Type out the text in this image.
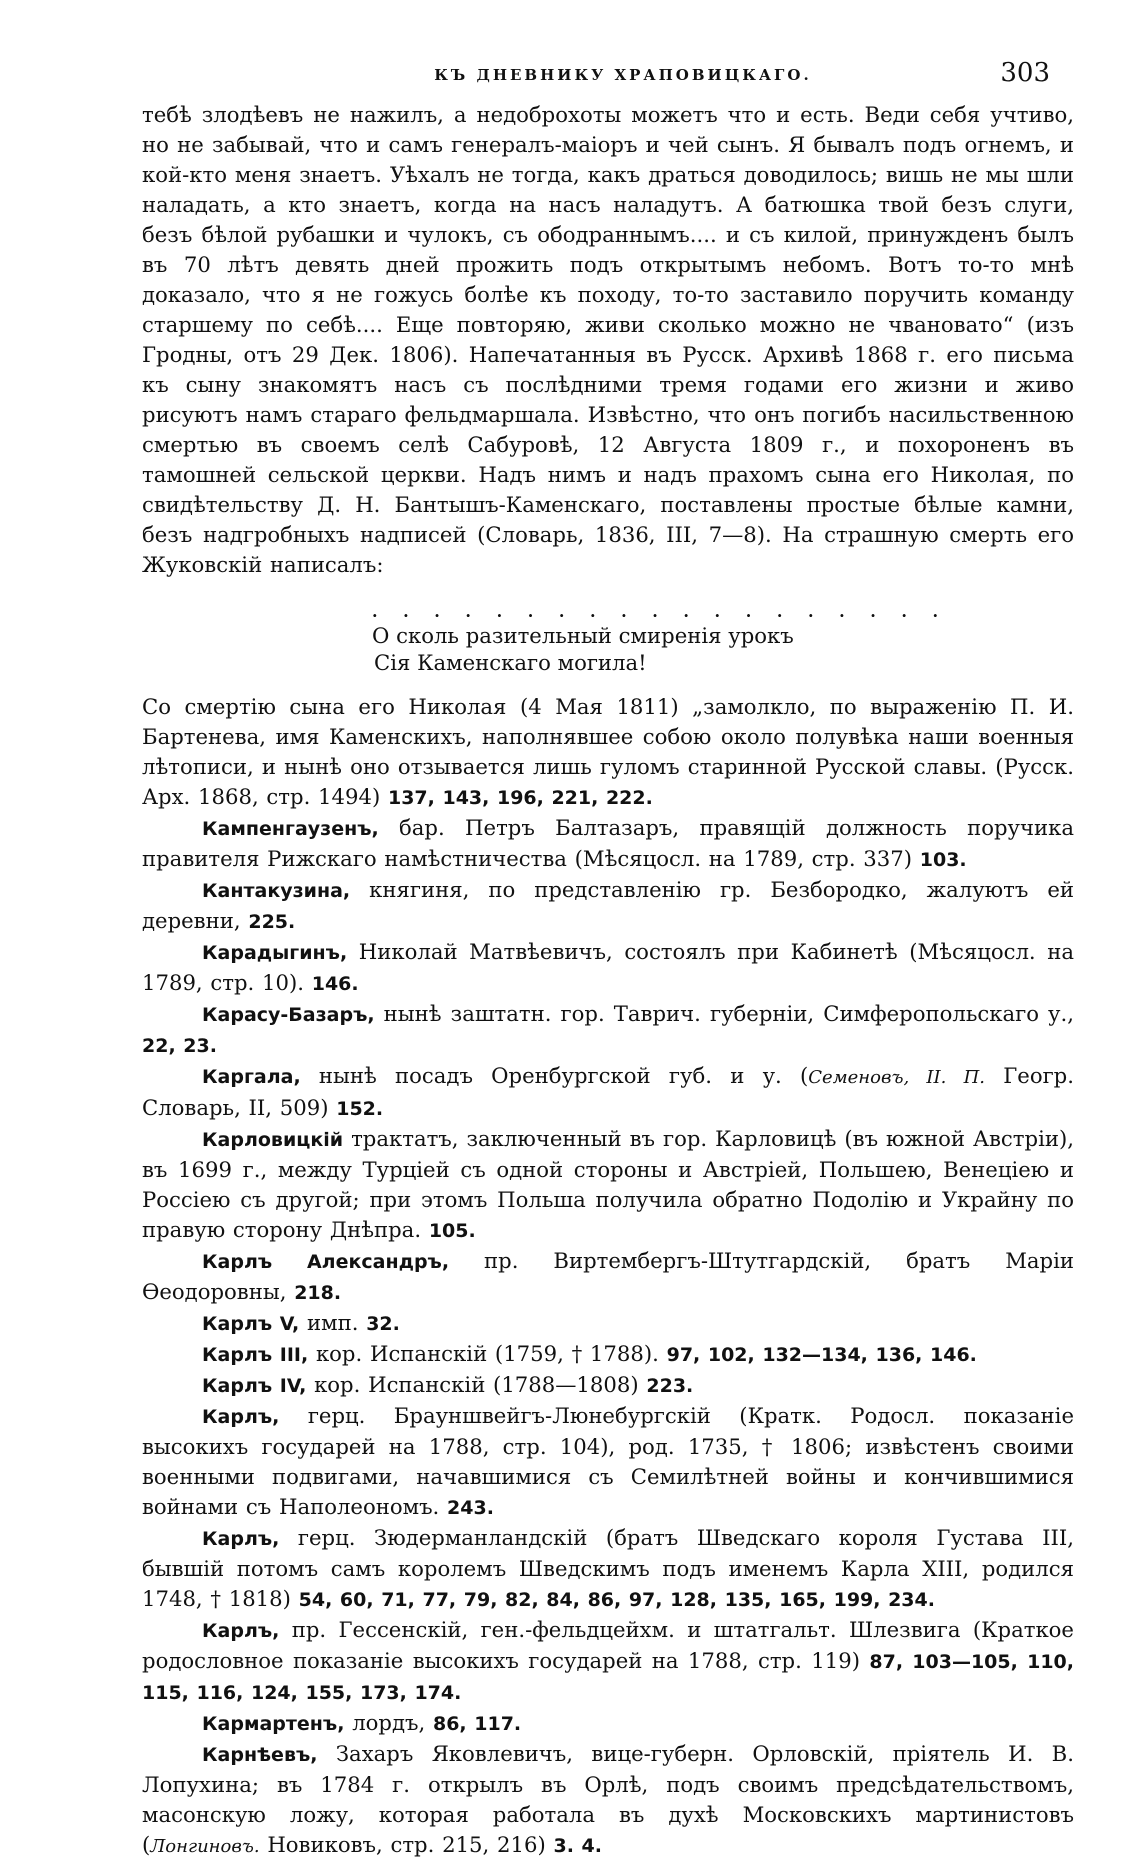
КЪ ДНЕВНИКУ ХРАПОВИЦКАГО.	303

тебѣ злодѣевъ не нажилъ, а недоброхоты можетъ что и есть. Веди себя учтиво, но не забывай, что и самъ генералъ-маіоръ и чей сынъ. Я бывалъ подъ огнемъ, и кой-кто меня знаетъ. Уѣхалъ не тогда, какъ драться доводилось; вишь не мы шли наладать, а кто знаетъ, когда на насъ наладутъ. А батюшка твой безъ слуги, безъ бѣлой рубашки и чулокъ, съ ободраннымъ.... и съ килой, принужденъ былъ въ 70 лѣтъ девять дней прожить подъ открытымъ небомъ. Вотъ то-то мнѣ доказало, что я не гожусь болѣе къ походу, то-то заставило поручить команду старшему по себѣ.... Еще повторяю, живи сколько можно не чвановато“ (изъ Гродны, отъ 29 Дек. 1806). Напечатанныя въ Русск. Архивѣ 1868 г. его письма къ сыну знакомятъ насъ съ послѣдними тремя годами его жизни и живо рисуютъ намъ стараго фельдмаршала. Извѣстно, что онъ погибъ насильственною смертью въ своемъ селѣ Сабуровѣ, 12 Августа 1809 г., и похороненъ въ тамошней сельской церкви. Надъ нимъ и надъ прахомъ сына его Николая, по свидѣтельству Д. Н. Бантышъ-Каменскаго, поставлены простые бѣлые камни, безъ надгробныхъ надписей (Словарь, 1836, III, 7—8). На страшную смерть его Жуковскій написалъ:

. . . . . . . . . . . . . . . . . . .
О сколь разительный смиренія урокъ
Сія Каменскаго могила!

Со смертію сына его Николая (4 Мая 1811) „замолкло, по выраженію П. И. Бартенева, имя Каменскихъ, наполнявшее собою около полувѣка наши военныя лѣтописи, и нынѣ оно отзывается лишь гуломъ старинной Русской славы. (Русск. Арх. 1868, стр. 1494) 137, 143, 196, 221, 222.

Кампенгаузенъ, бар. Петръ Балтазаръ, правящій должность поручика правителя Рижскаго намѣстничества (Мѣсяцосл. на 1789, стр. 337) 103.

Кантакузина, княгиня, по представленію гр. Безбородко, жалуютъ ей деревни, 225.

Карадыгинъ, Николай Матвѣевичъ, состоялъ при Кабинетѣ (Мѣсяцосл. на 1789, стр. 10). 146.

Карасу-Базаръ, нынѣ заштатн. гор. Таврич. губерніи, Симферопольскаго у., 22, 23.

Каргала, нынѣ посадъ Оренбургской губ. и у. (Семеновъ, II. П. Геогр. Словарь, II, 509) 152.

Карловицкій трактатъ, заключенный въ гор. Карловицѣ (въ южной Австріи), въ 1699 г., между Турціей съ одной стороны и Австріей, Польшею, Венеціею и Россіею съ другой; при этомъ Польша получила обратно Подолію и Украйну по правую сторону Днѣпра. 105.

Карлъ Александръ, пр. Виртембергъ-Штутгардскій, братъ Маріи Ѳеодоровны, 218.

Карлъ V, имп. 32.

Карлъ III, кор. Испанскій (1759, † 1788). 97, 102, 132—134, 136, 146.

Карлъ IV, кор. Испанскій (1788—1808) 223.

Карлъ, герц. Брауншвейгъ-Люнебургскій (Кратк. Родосл. показаніе высокихъ государей на 1788, стр. 104), род. 1735, † 1806; извѣстенъ своими военными подвигами, начавшимися съ Семилѣтней войны и кончившимися войнами съ Наполеономъ. 243.

Карлъ, герц. Зюдерманландскій (братъ Шведскаго короля Густава III, бывшій потомъ самъ королемъ Шведскимъ подъ именемъ Карла XIII, родился 1748, † 1818) 54, 60, 71, 77, 79, 82, 84, 86, 97, 128, 135, 165, 199, 234.

Карлъ, пр. Гессенскій, ген.-фельдцейхм. и штатгальт. Шлезвига (Краткое родословное показаніе высокихъ государей на 1788, стр. 119) 87, 103—105, 110, 115, 116, 124, 155, 173, 174.

Кармартенъ, лордъ, 86, 117.

Карнѣевъ, Захаръ Яковлевичъ, вице-губерн. Орловскій, пріятель И. В. Лопухина; въ 1784 г. открылъ въ Орлѣ, подъ своимъ предсѣдательствомъ, масонскую ложу, которая работала въ духѣ Московскихъ мартинистовъ (Лонгиновъ. Новиковъ, стр. 215, 216) 3. 4.
